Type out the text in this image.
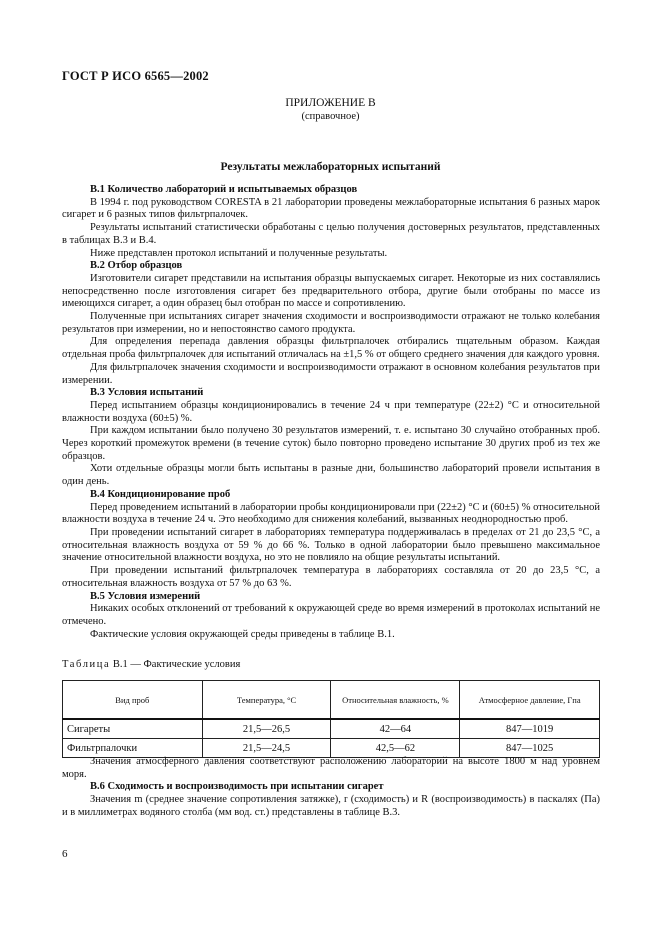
ГОСТ Р ИСО 6565—2002
ПРИЛОЖЕНИЕ В
(справочное)
Результаты межлабораторных испытаний
В.1 Количество лабораторий и испытываемых образцов

В 1994 г. под руководством CORESTA в 21 лаборатории проведены межлабораторные испытания 6 разных марок сигарет и 6 разных типов фильтрпалочек.

Результаты испытаний статистически обработаны с целью получения достоверных результатов, представленных в таблицах В.3 и В.4.

Ниже представлен протокол испытаний и полученные результаты.

В.2 Отбор образцов

Изготовители сигарет представили на испытания образцы выпускаемых сигарет. Некоторые из них составлялись непосредственно после изготовления сигарет без предварительного отбора, другие были отобраны по массе из имеющихся сигарет, а один образец был отобран по массе и сопротивлению.

Полученные при испытаниях сигарет значения сходимости и воспроизводимости отражают не только колебания результатов при измерении, но и непостоянство самого продукта.

Для определения перепада давления образцы фильтрпалочек отбирались тщательным образом. Каждая отдельная проба фильтрпалочек для испытаний отличалась на ±1,5 % от общего среднего значения для каждого уровня.

Для фильтрпалочек значения сходимости и воспроизводимости отражают в основном колебания результатов при измерении.

В.3 Условия испытаний

Перед испытанием образцы кондиционировались в течение 24 ч при температуре (22±2) °С и относительной влажности воздуха (60±5) %.

При каждом испытании было получено 30 результатов измерений, т. е. испытано 30 случайно отобранных проб. Через короткий промежуток времени (в течение суток) было повторно проведено испытание 30 других проб из тех же образцов.

Хоти отдельные образцы могли быть испытаны в разные дни, большинство лабораторий провели испытания в один день.

В.4 Кондиционирование проб

Перед проведением испытаний в лаборатории пробы кондиционировали при (22±2) °С и (60±5) % относительной влажности воздуха в течение 24 ч. Это необходимо для снижения колебаний, вызванных неоднородностью проб.

При проведении испытаний сигарет в лабораториях температура поддерживалась в пределах от 21 до 23,5 °С, а относительная влажность воздуха от 59 % до 66 %. Только в одной лаборатории было превышено максимальное значение относительной влажности воздуха, но это не повлияло на общие результаты испытаний.

При проведении испытаний фильтрпалочек температура в лабораториях составляла от 20 до 23,5 °С, а относительная влажность воздуха от 57 % до 63 %.

В.5 Условия измерений

Никаких особых отклонений от требований к окружающей среде во время измерений в протоколах испытаний не отмечено.

Фактические условия окружающей среды приведены в таблице В.1.

Таблица В.1 — Фактические условия
Вид проб	Температура, °С	Относительная влажность, %	Атмосферное давление, Гпа
Сигареты	21,5—26,5	42—64	847—1019
Фильтрпалочки	21,5—24,5	42,5—62	847—1025

Значения атмосферного давления соответствуют расположению лабораторий на высоте 1800 м над уровнем моря.

В.6 Сходимость и воспроизводимость при испытании сигарет

Значения m (среднее значение сопротивления затяжке), r (сходимость) и R (воспроизводимость) в паскалях (Па) и в миллиметрах водяного столба (мм вод. ст.) представлены в таблице В.3.

6
